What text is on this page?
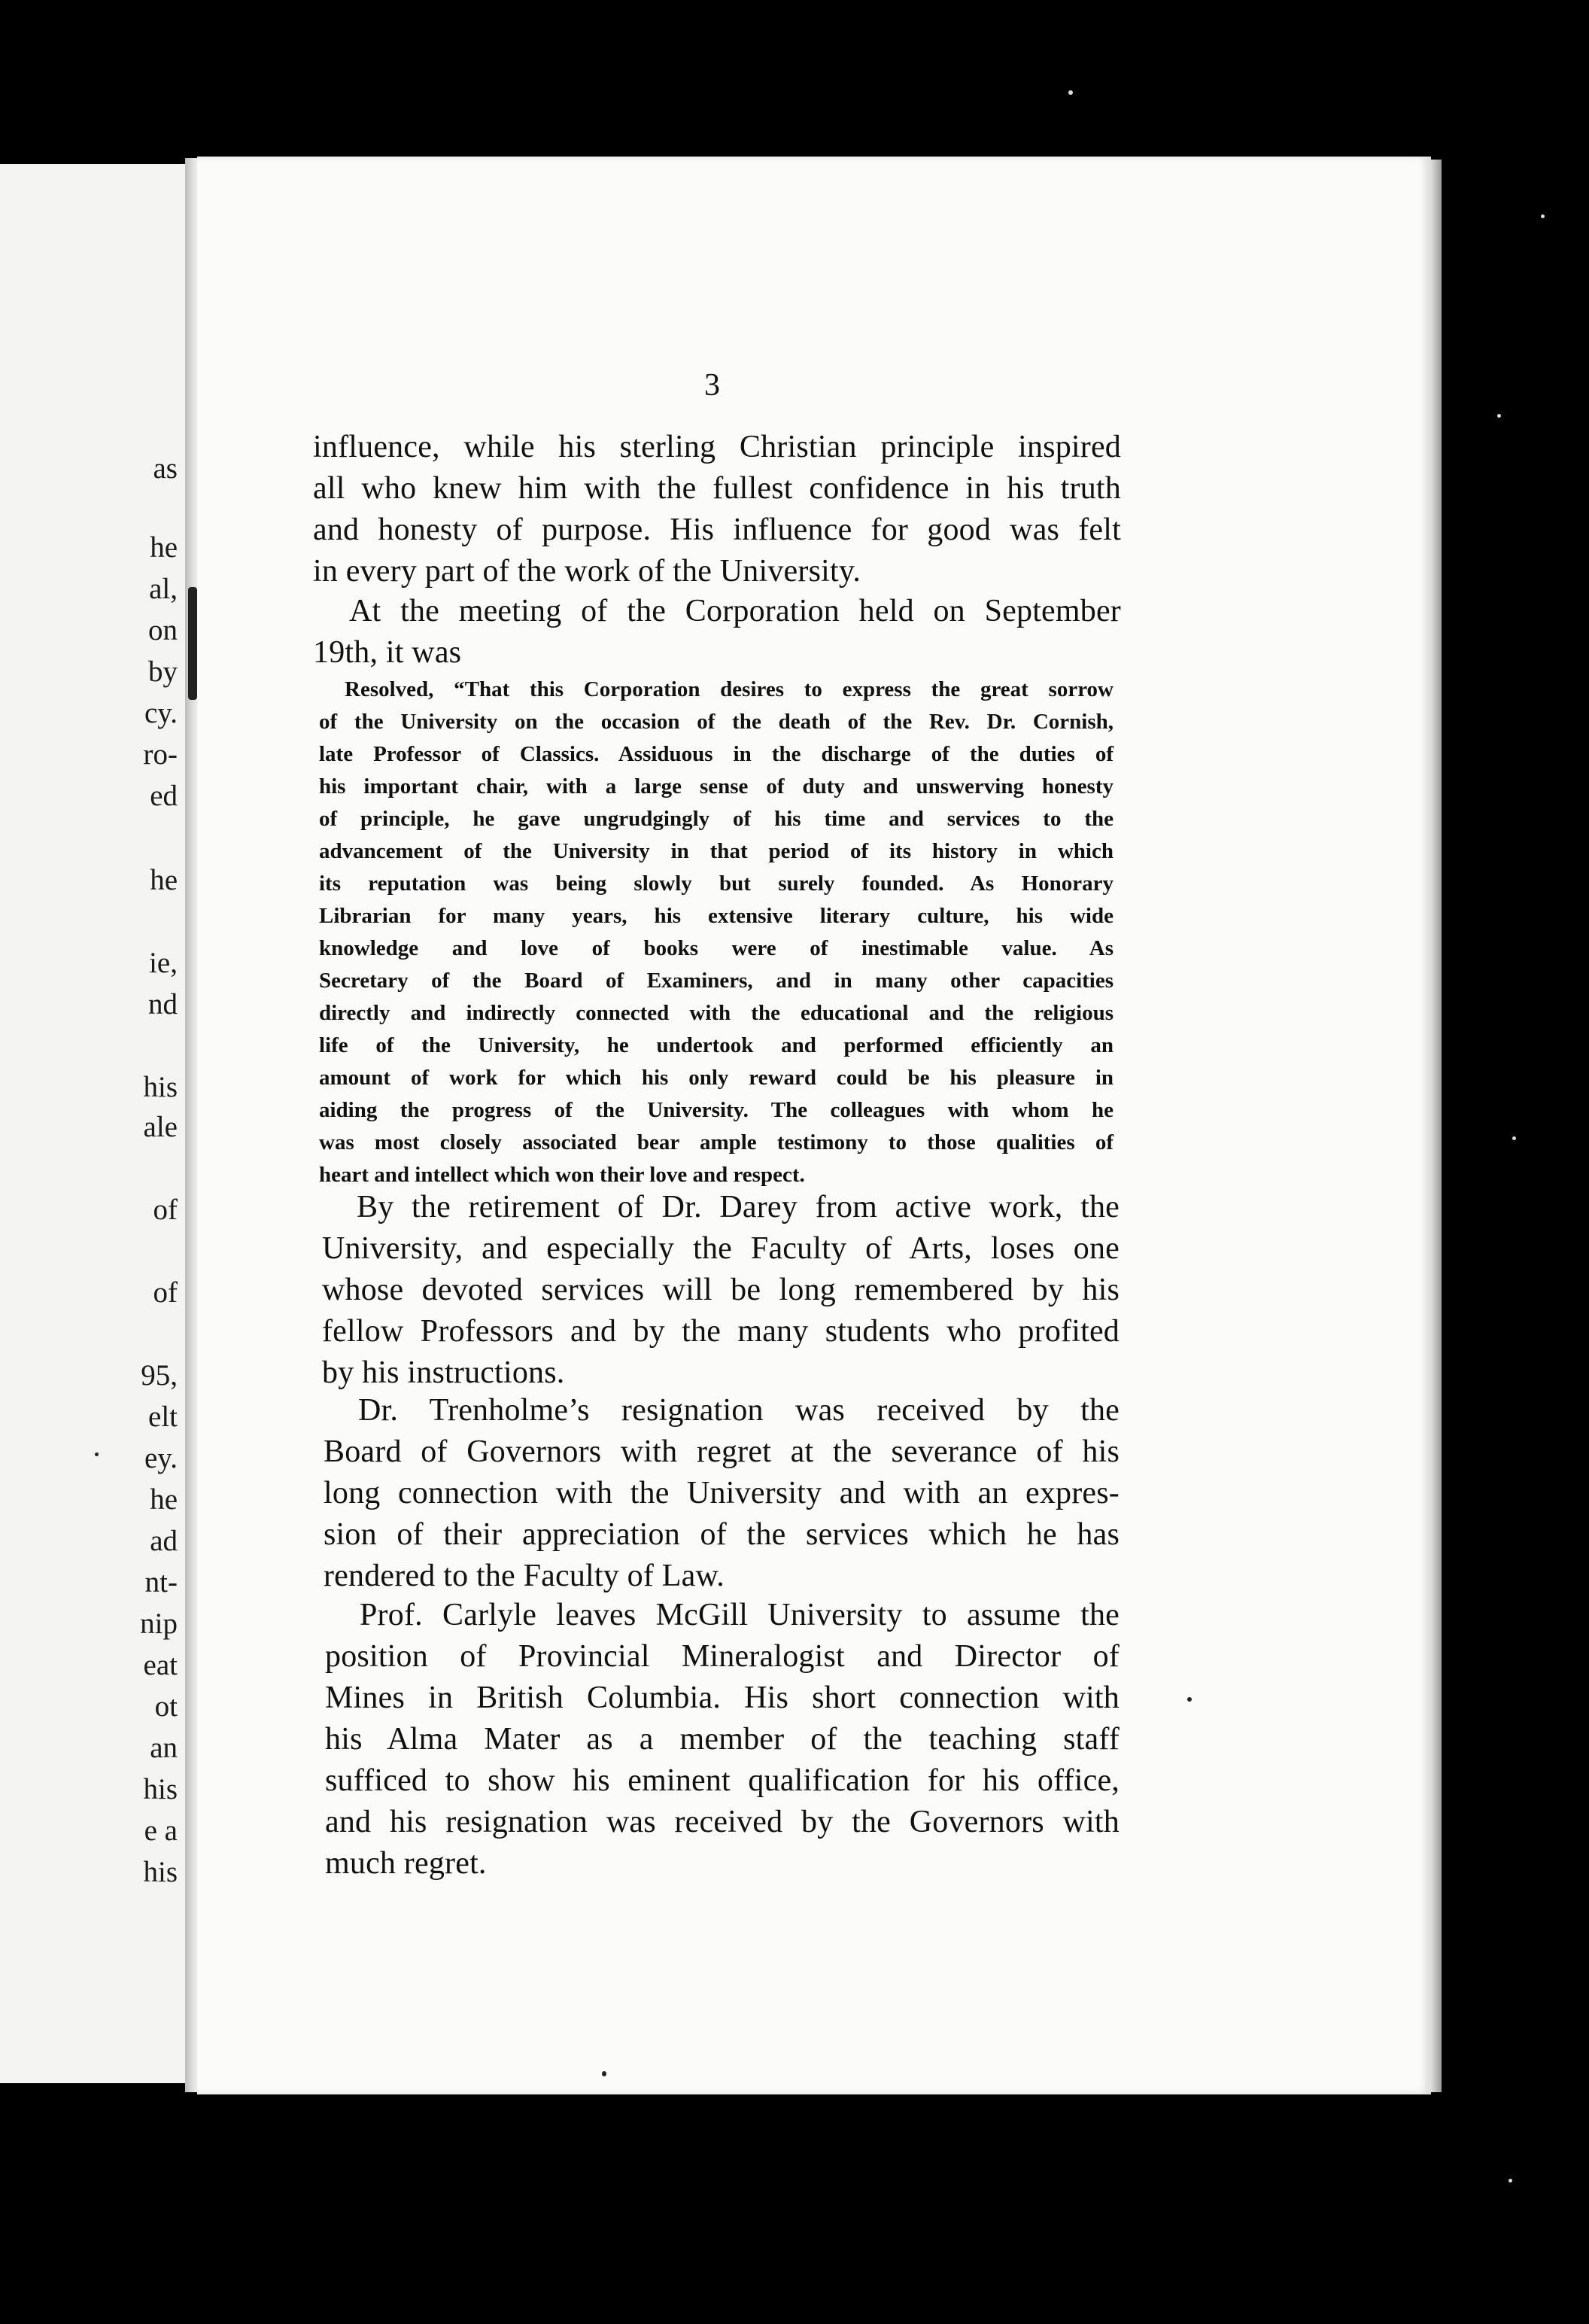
as
he
al,
on
by
cy.
ro-
ed
he
ie,
nd
his
ale
of
of
95,
elt
ey.
he
ad
nt-
nip
eat
ot
an
his
e a
his
3
influence, while his sterling Christian principle inspired
all who knew him with the fullest confidence in his truth
and honesty of purpose. His influence for good was felt
in every part of the work of the University.
At the meeting of the Corporation held on September
19th, it was
Resolved, “That this Corporation desires to express the great sorrow
of the University on the occasion of the death of the Rev. Dr. Cornish,
late Professor of Classics. Assiduous in the discharge of the duties of
his important chair, with a large sense of duty and unswerving honesty
of principle, he gave ungrudgingly of his time and services to the
advancement of the University in that period of its history in which
its reputation was being slowly but surely founded. As Honorary
Librarian for many years, his extensive literary culture, his wide
knowledge and love of books were of inestimable value. As
Secretary of the Board of Examiners, and in many other capacities
directly and indirectly connected with the educational and the religious
life of the University, he undertook and performed efficiently an
amount of work for which his only reward could be his pleasure in
aiding the progress of the University. The colleagues with whom he
was most closely associated bear ample testimony to those qualities of
heart and intellect which won their love and respect.
By the retirement of Dr. Darey from active work, the
University, and especially the Faculty of Arts, loses one
whose devoted services will be long remembered by his
fellow Professors and by the many students who profited
by his instructions.
Dr. Trenholme’s resignation was received by the
Board of Governors with regret at the severance of his
long connection with the University and with an expres-
sion of their appreciation of the services which he has
rendered to the Faculty of Law.
Prof. Carlyle leaves McGill University to assume the
position of Provincial Mineralogist and Director of
Mines in British Columbia. His short connection with
his Alma Mater as a member of the teaching staff
sufficed to show his eminent qualification for his office,
and his resignation was received by the Governors with
much regret.
